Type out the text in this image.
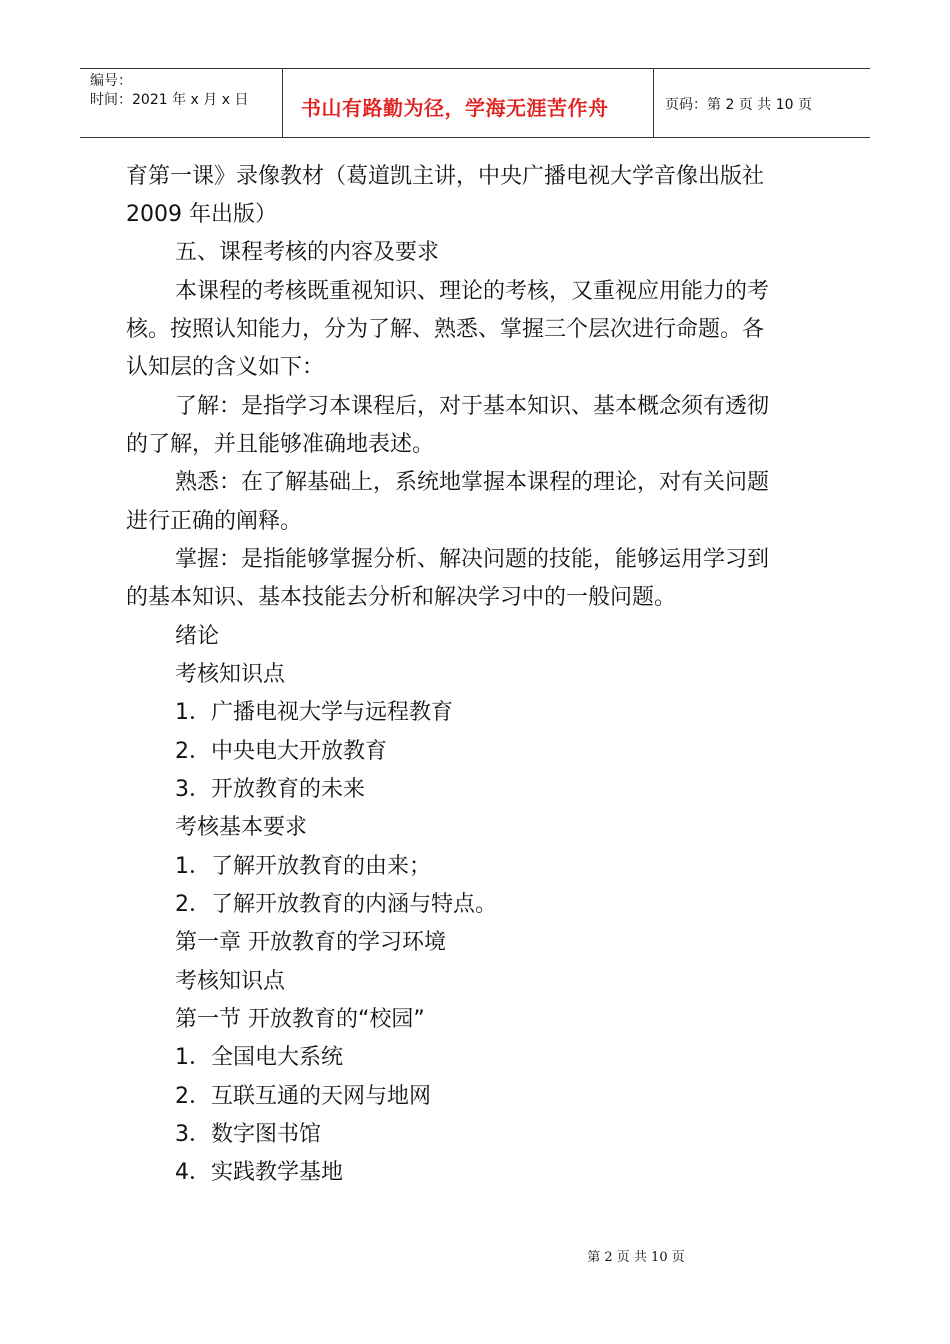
编号：
时间：2021 年 x 月 x 日	书山有路勤为径，学海无涯苦作舟	页码：第 2 页 共 10 页
育第一课》录像教材（葛道凯主讲，中央广播电视大学音像出版社
2009 年出版）
五、课程考核的内容及要求
本课程的考核既重视知识、理论的考核，又重视应用能力的考
核。按照认知能力，分为了解、熟悉、掌握三个层次进行命题。各
认知层的含义如下：
了解：是指学习本课程后，对于基本知识、基本概念须有透彻
的了解，并且能够准确地表述。
熟悉：在了解基础上，系统地掌握本课程的理论，对有关问题
进行正确的阐释。
掌握：是指能够掌握分析、解决问题的技能，能够运用学习到
的基本知识、基本技能去分析和解决学习中的一般问题。
绪论
考核知识点
1．广播电视大学与远程教育
2．中央电大开放教育
3．开放教育的未来
考核基本要求
1．了解开放教育的由来；
2．了解开放教育的内涵与特点。
第一章 开放教育的学习环境
考核知识点
第一节 开放教育的“校园”
1．全国电大系统
2．互联互通的天网与地网
3．数字图书馆
4．实践教学基地
第 2 页 共 10 页
